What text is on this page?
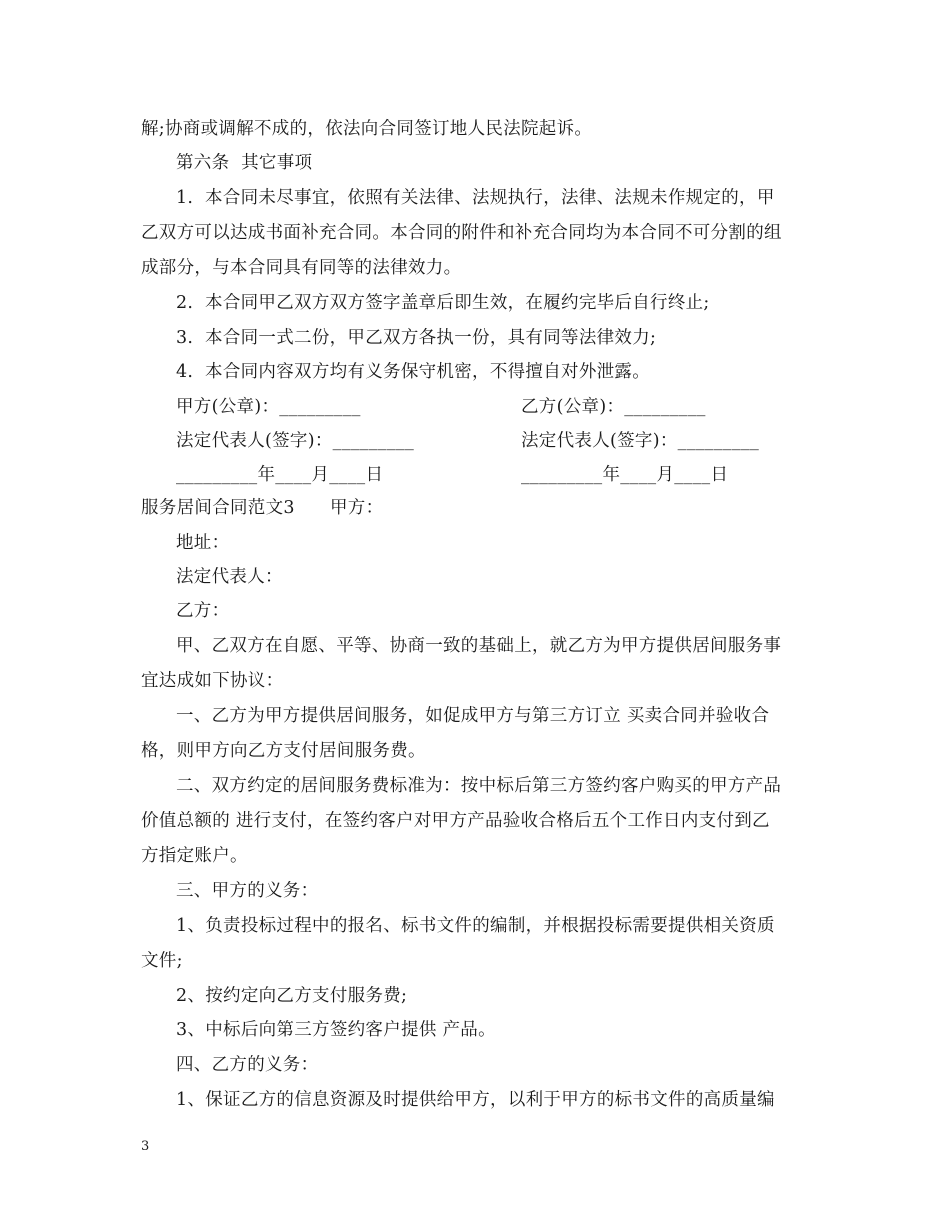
解;协商或调解不成的，依法向合同签订地人民法院起诉。
第六条  其它事项
1.  本合同未尽事宜，依照有关法律、法规执行，法律、法规未作规定的，甲
乙双方可以达成书面补充合同。本合同的附件和补充合同均为本合同不可分割的组
成部分，与本合同具有同等的法律效力。
2.  本合同甲乙双方双方签字盖章后即生效，在履约完毕后自行终止;
3.  本合同一式二份，甲乙双方各执一份，具有同等法律效力;
4.  本合同内容双方均有义务保守机密，不得擅自对外泄露。
甲方(公章)：_________	乙方(公章)：_________
法定代表人(签字)：_________	法定代表人(签字)：_________
_________年____月____日	_________年____月____日
服务居间合同范文3      甲方：
地址：
法定代表人：
乙方：
甲、乙双方在自愿、平等、协商一致的基础上，就乙方为甲方提供居间服务事
宜达成如下协议：
一、乙方为甲方提供居间服务，如促成甲方与第三方订立 买卖合同并验收合
格，则甲方向乙方支付居间服务费。
二、双方约定的居间服务费标准为：按中标后第三方签约客户购买的甲方产品
价值总额的 进行支付，在签约客户对甲方产品验收合格后五个工作日内支付到乙
方指定账户。
三、甲方的义务：
1、负责投标过程中的报名、标书文件的编制，并根据投标需要提供相关资质
文件;
2、按约定向乙方支付服务费;
3、中标后向第三方签约客户提供 产品。
四、乙方的义务：
1、保证乙方的信息资源及时提供给甲方，以利于甲方的标书文件的高质量编
3
